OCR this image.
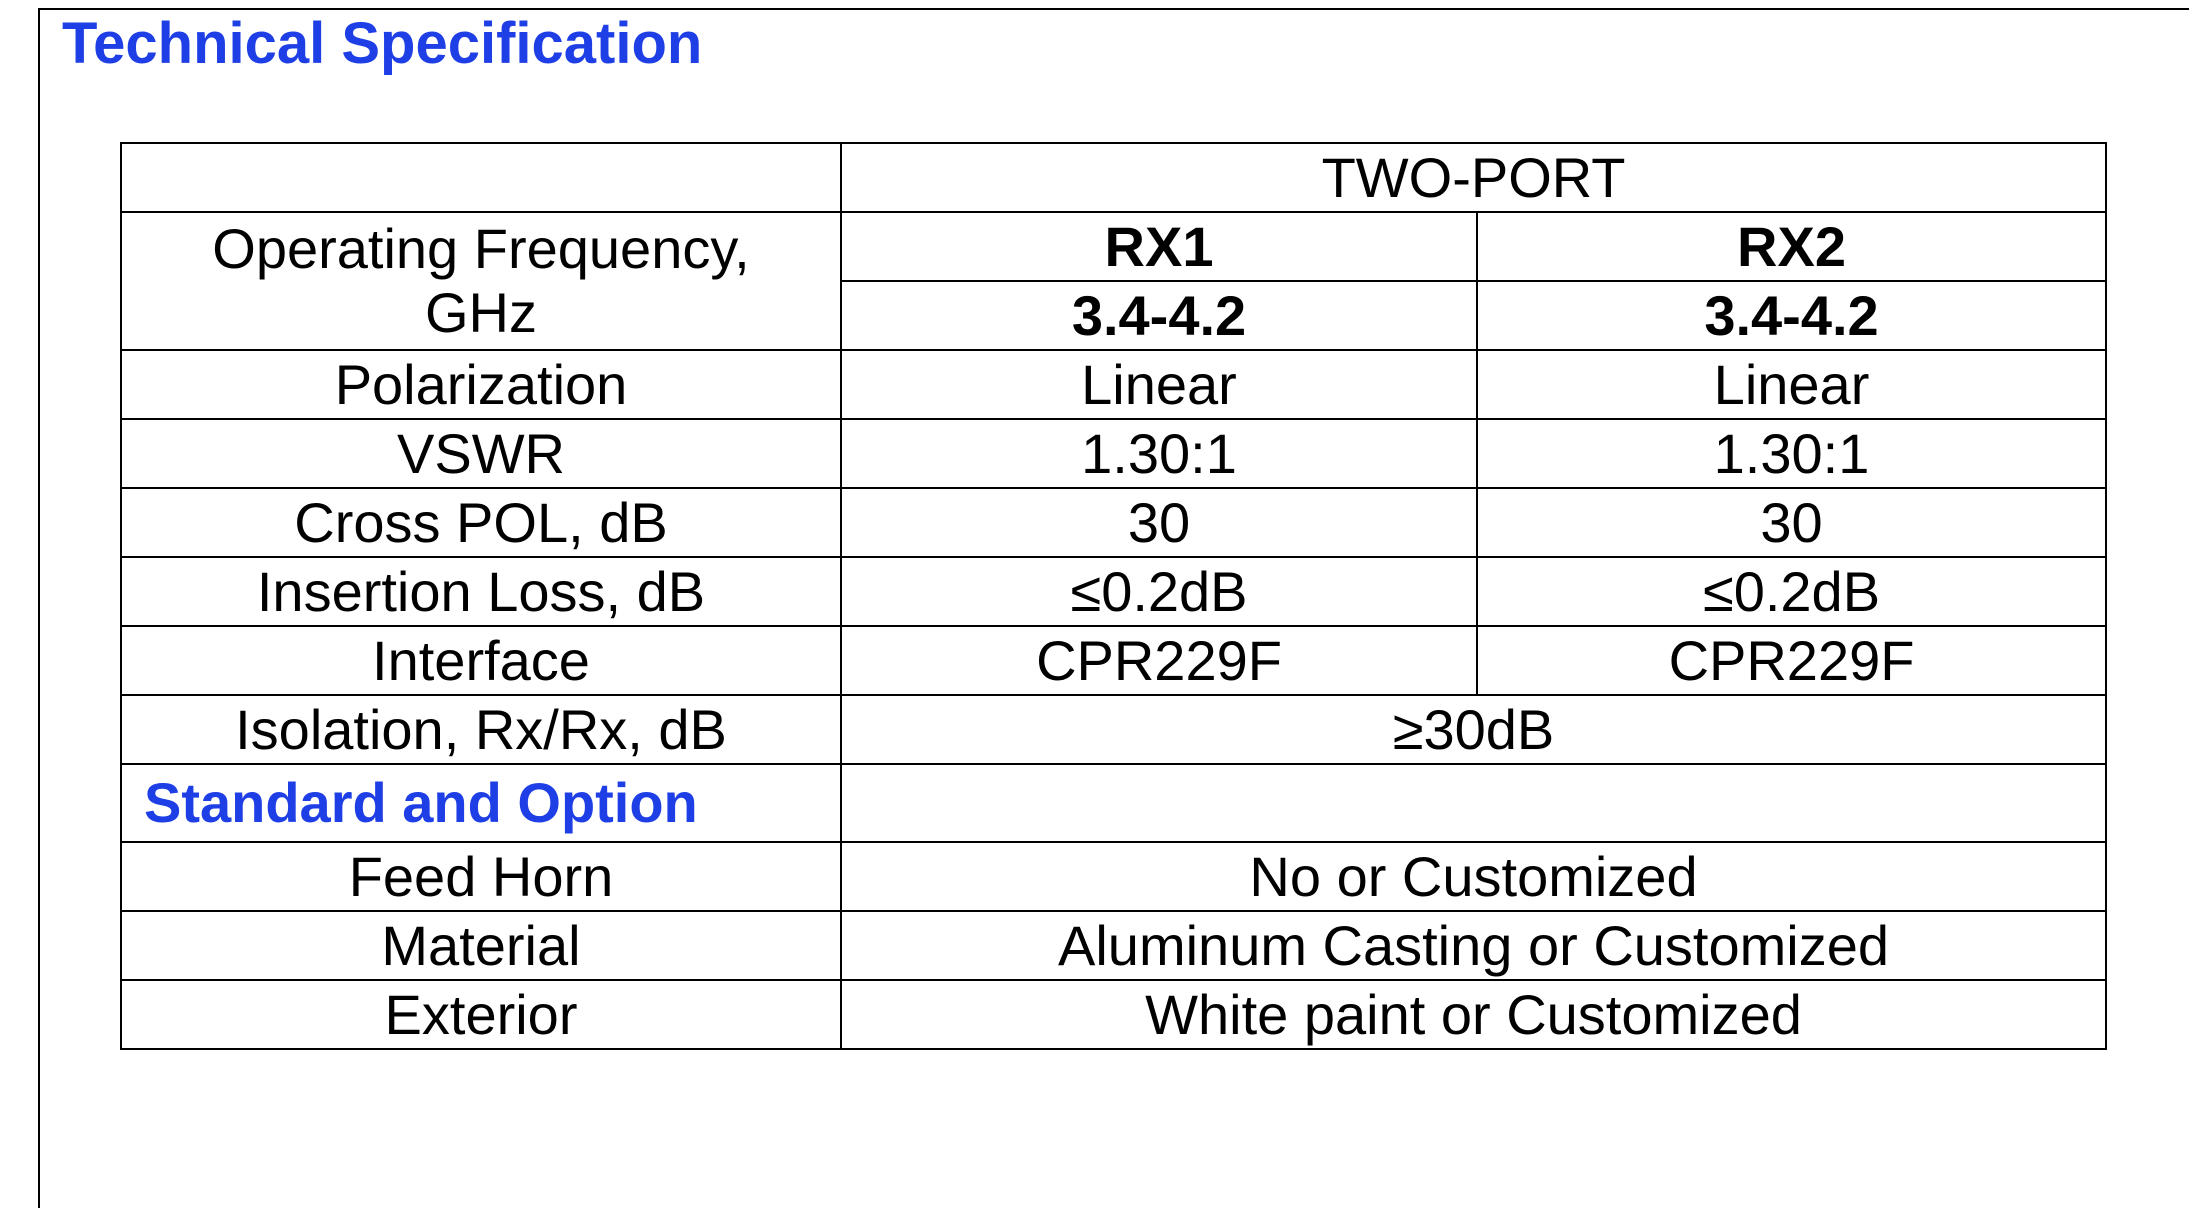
Technical Specification
	TWO-PORT	

Operating Frequency,
GHz	RX1	RX2
	3.4-4.2	3.4-4.2
Polarization	Linear	Linear
VSWR	1.30:1	1.30:1
Cross POL, dB	30	30
Insertion Loss, dB	≤0.2dB	≤0.2dB
Interface	CPR229F	CPR229F
Isolation, Rx/Rx, dB	≥30dB	
Standard and Option		
Feed Horn	No or Customized	
Material	Aluminum Casting or Customized	
Exterior	White paint or Customized	
